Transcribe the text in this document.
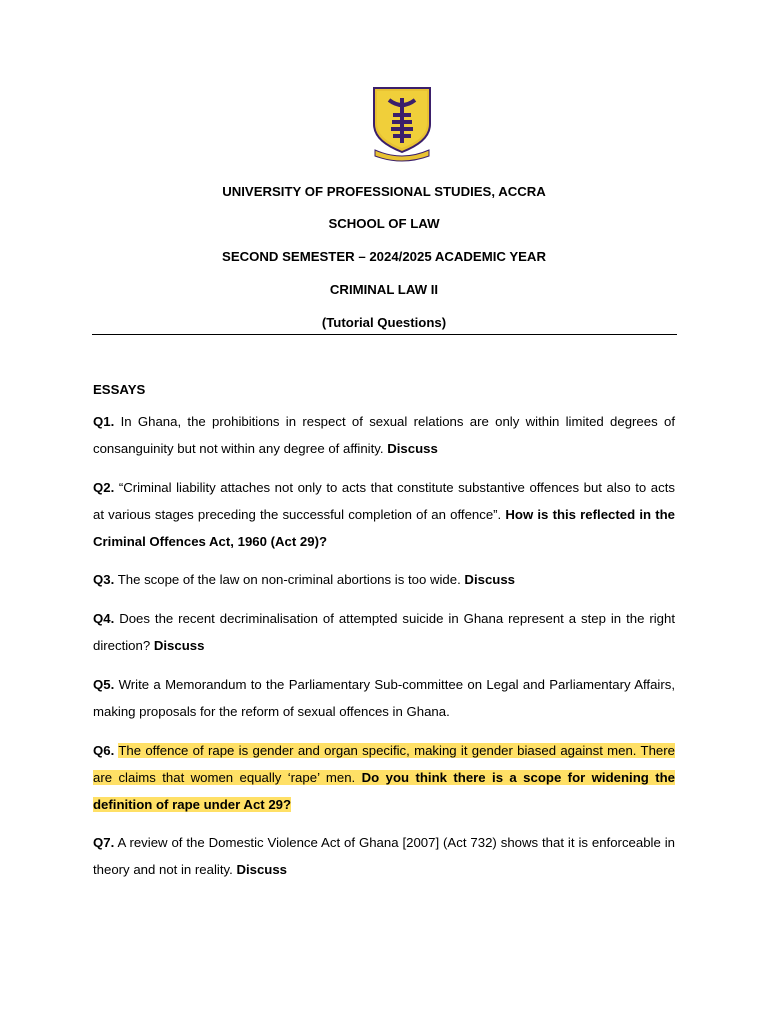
UNIVERSITY OF PROFESSIONAL STUDIES, ACCRA
SCHOOL OF LAW
SECOND SEMESTER – 2024/2025 ACADEMIC YEAR
CRIMINAL LAW II
(Tutorial Questions)
ESSAYS
Q1. In Ghana, the prohibitions in respect of sexual relations are only within limited degrees of consanguinity but not within any degree of affinity. Discuss
Q2. “Criminal liability attaches not only to acts that constitute substantive offences but also to acts at various stages preceding the successful completion of an offence”. How is this reflected in the Criminal Offences Act, 1960 (Act 29)?
Q3. The scope of the law on non-criminal abortions is too wide. Discuss
Q4. Does the recent decriminalisation of attempted suicide in Ghana represent a step in the right direction? Discuss
Q5. Write a Memorandum to the Parliamentary Sub-committee on Legal and Parliamentary Affairs, making proposals for the reform of sexual offences in Ghana.
Q6. The offence of rape is gender and organ specific, making it gender biased against men. There are claims that women equally ‘rape’ men. Do you think there is a scope for widening the definition of rape under Act 29?
Q7. A review of the Domestic Violence Act of Ghana [2007] (Act 732) shows that it is enforceable in theory and not in reality. Discuss
